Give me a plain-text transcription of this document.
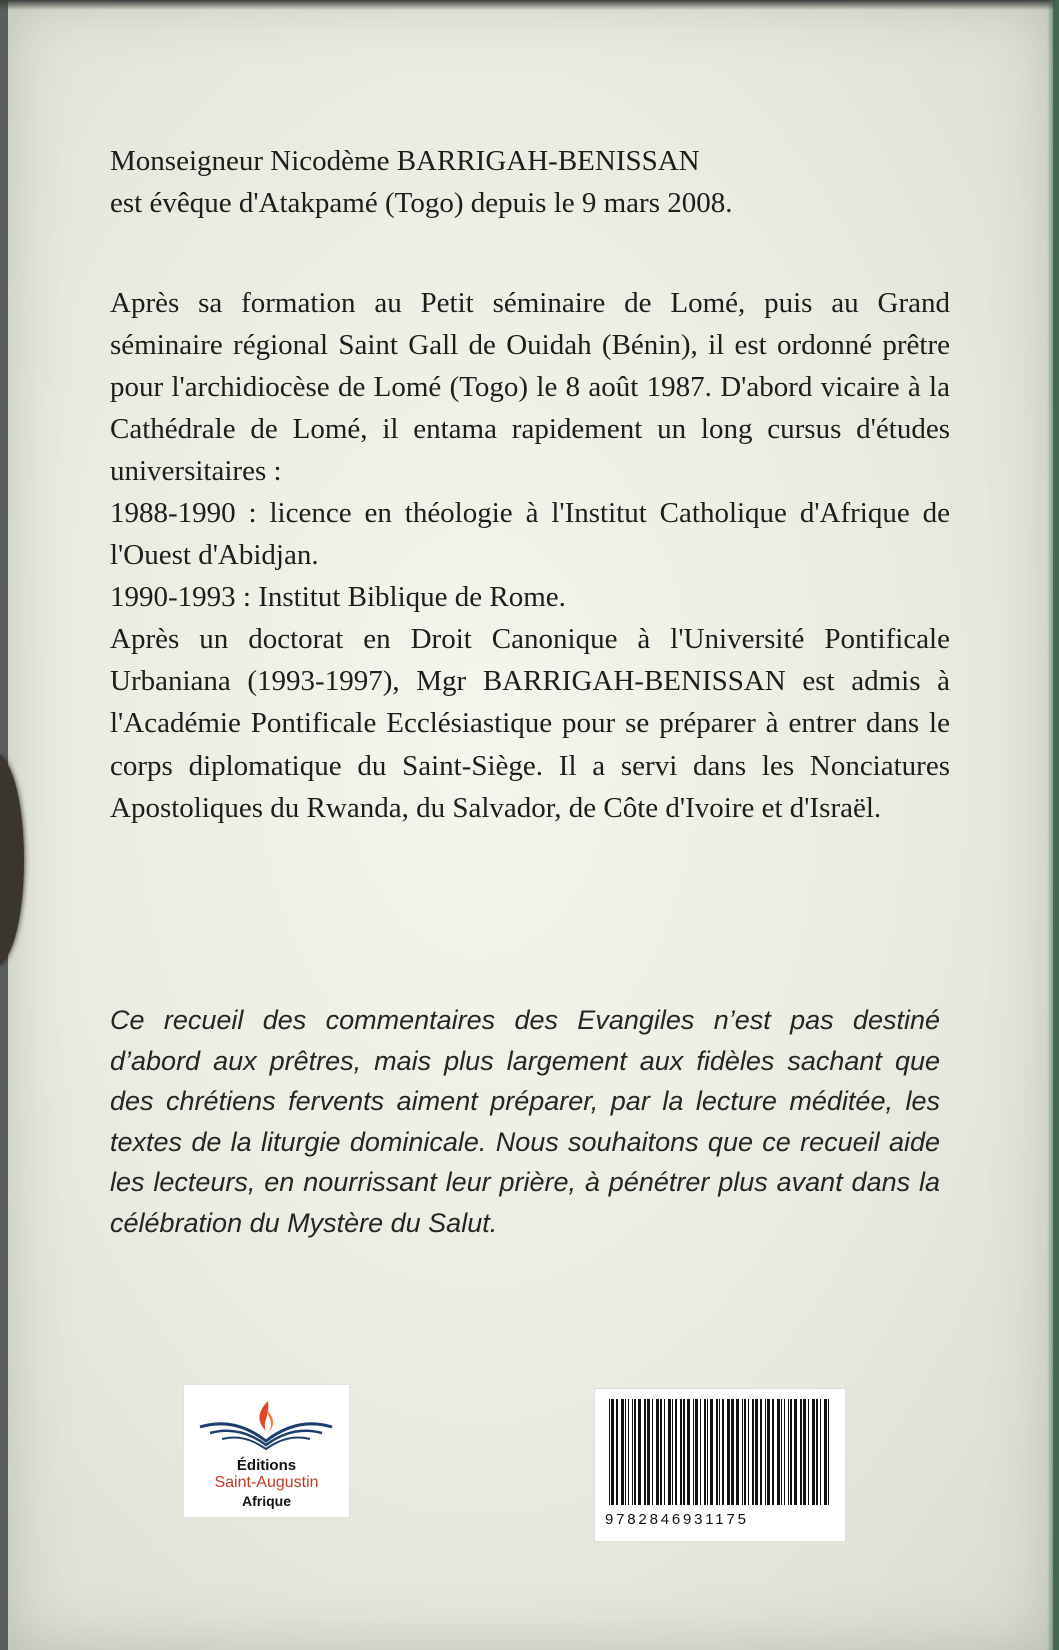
Monseigneur Nicodème BARRIGAH-BENISSAN

est évêque d'Atakpamé (Togo) depuis le 9 mars 2008.

Après sa formation au Petit séminaire de Lomé, puis au Grand séminaire régional Saint Gall de Ouidah (Bénin), il est ordonné prêtre pour l'archidiocèse de Lomé (Togo) le 8 août 1987. D'abord vicaire à la Cathédrale de Lomé, il entama rapidement un long cursus d'études universitaires :

1988-1990 : licence en théologie à l'Institut Catholique d'Afrique de l'Ouest d'Abidjan.

1990-1993 : Institut Biblique de Rome.

Après un doctorat en Droit Canonique à l'Université Pontificale Urbaniana (1993-1997), Mgr BARRIGAH-BENISSAN est admis à l'Académie Pontificale Ecclésiastique pour se préparer à entrer dans le corps diplomatique du Saint-Siège. Il a servi dans les Nonciatures Apostoliques du Rwanda, du Salvador, de Côte d'Ivoire et d'Israël.

Ce recueil des commentaires des Evangiles n’est pas destiné d’abord aux prêtres, mais plus largement aux fidèles sachant que des chrétiens fervents aiment préparer, par la lecture méditée, les textes de la liturgie dominicale. Nous souhaitons que ce recueil aide les lecteurs, en nourrissant leur prière, à pénétrer plus avant dans la célébration du Mystère du Salut.
Éditions
Saint-Augustin
Afrique
9782846931175
